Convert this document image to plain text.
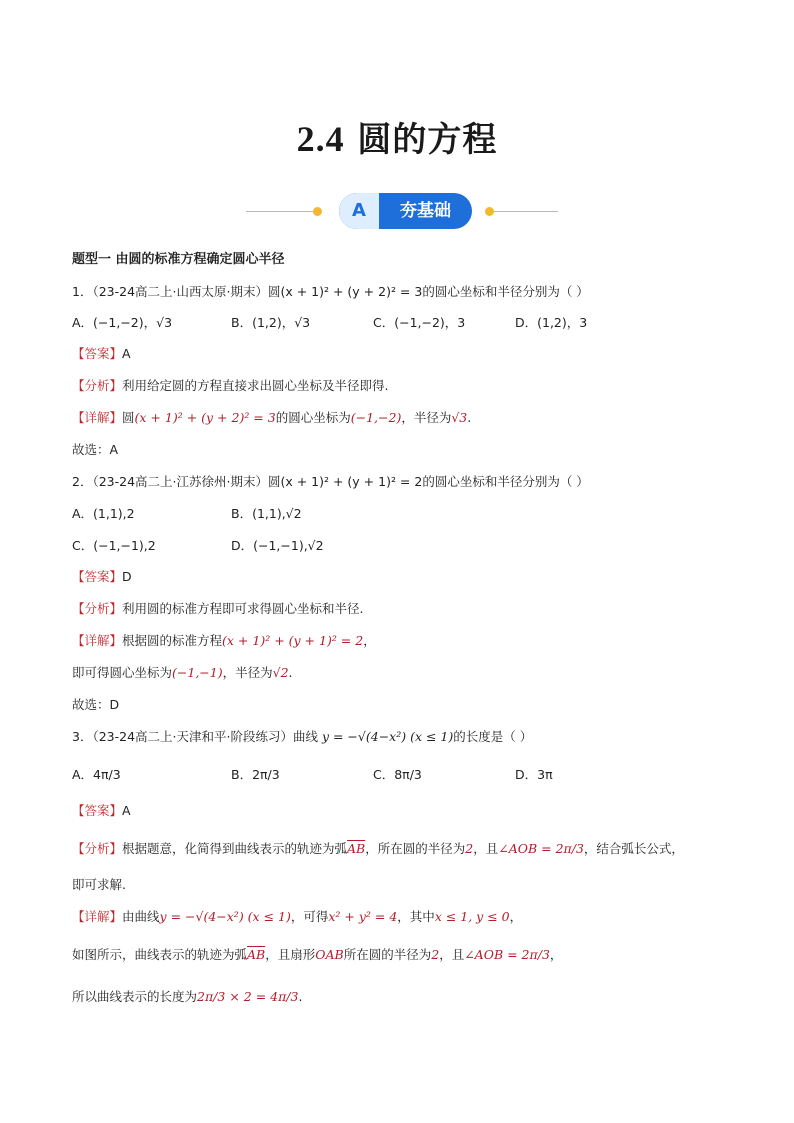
2.4 圆的方程
A	夯基础
题型一 由圆的标准方程确定圆心半径
1．（23-24高二上·山西太原·期末）圆(x + 1)² + (y + 2)² = 3的圆心坐标和半径分别为（ ）
A．(−1,−2)，√3	B．(1,2)，√3	C．(−1,−2)，3	D．(1,2)，3
【答案】A
【分析】利用给定圆的方程直接求出圆心坐标及半径即得.
【详解】圆(x + 1)² + (y + 2)² = 3的圆心坐标为(−1,−2)，半径为√3.
故选：A
2．（23-24高二上·江苏徐州·期末）圆(x + 1)² + (y + 1)² = 2的圆心坐标和半径分别为（ ）
A．(1,1),2	B．(1,1),√2
C．(−1,−1),2	D．(−1,−1),√2
【答案】D
【分析】利用圆的标准方程即可求得圆心坐标和半径.
【详解】根据圆的标准方程(x + 1)² + (y + 1)² = 2，
即可得圆心坐标为(−1,−1)，半径为√2.
故选：D
3．（23-24高二上·天津和平·阶段练习）曲线 y = −√(4−x²) (x ≤ 1)的长度是（ ）
A．4π/3	B．2π/3	C．8π/3	D．3π
【答案】A
【分析】根据题意，化简得到曲线表示的轨迹为弧$\overline{AB}$，所在圆的半径为2，且∠AOB = 2π/3，结合弧长公式，
即可求解.
【详解】由曲线y = −√(4−x²) (x ≤ 1)，可得x² + y² = 4，其中x ≤ 1, y ≤ 0，
如图所示，曲线表示的轨迹为弧$\overline{AB}$，且扇形OAB所在圆的半径为2，且∠AOB = 2π/3，
所以曲线表示的长度为2π/3 × 2 = 4π/3.
